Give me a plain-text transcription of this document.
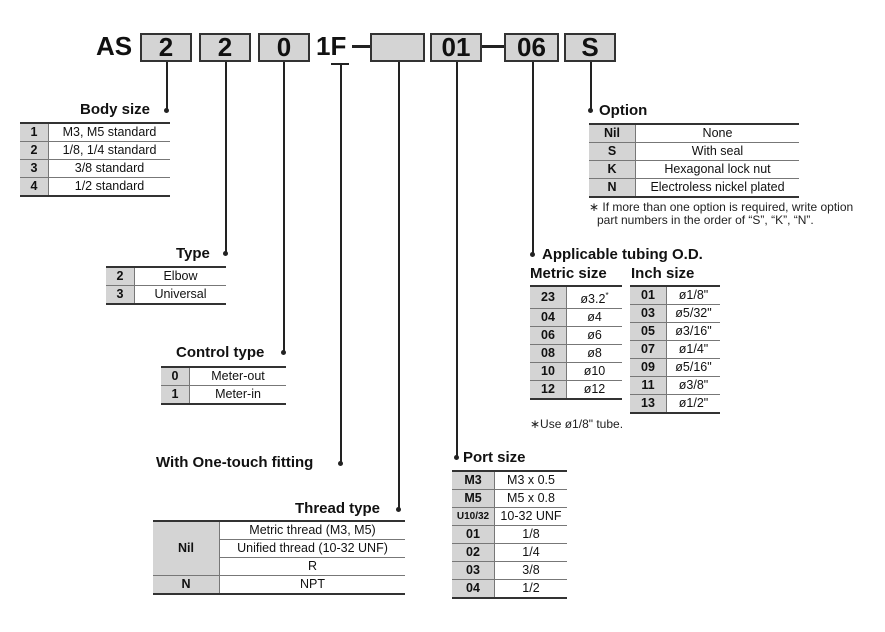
AS	2	2	0 1F	01	06	S
Body size
1	M3, M5 standard
2	1/8, 1/4 standard
3	3/8 standard
4	1/2 standard
Type
2	Elbow
3	Universal
Control type
0	Meter-out
1	Meter-in
With One-touch fitting
Thread type
Nil	Metric thread (M3, M5)
	Unified thread (10-32 UNF)
	R
N	NPT
Port size
M3	M3 x 0.5
M5	M5 x 0.8
U10/32	10-32 UNF
01	1/8
02	1/4
03	3/8
04	1/2
Applicable tubing O.D.
Metric size Inch size
23	ø3.2*
04	ø4
06	ø6
08	ø8
10	ø10
12	ø12
01	ø1/8"
03	ø5/32"
05	ø3/16"
07	ø1/4"
09	ø5/16"
11	ø3/8"
13	ø1/2"
∗Use ø1/8" tube.
Option
Nil	None
S	With seal
K	Hexagonal lock nut
N	Electroless nickel plated
∗ If more than one option is required, write option
part numbers in the order of “S”, “K”, “N”.
